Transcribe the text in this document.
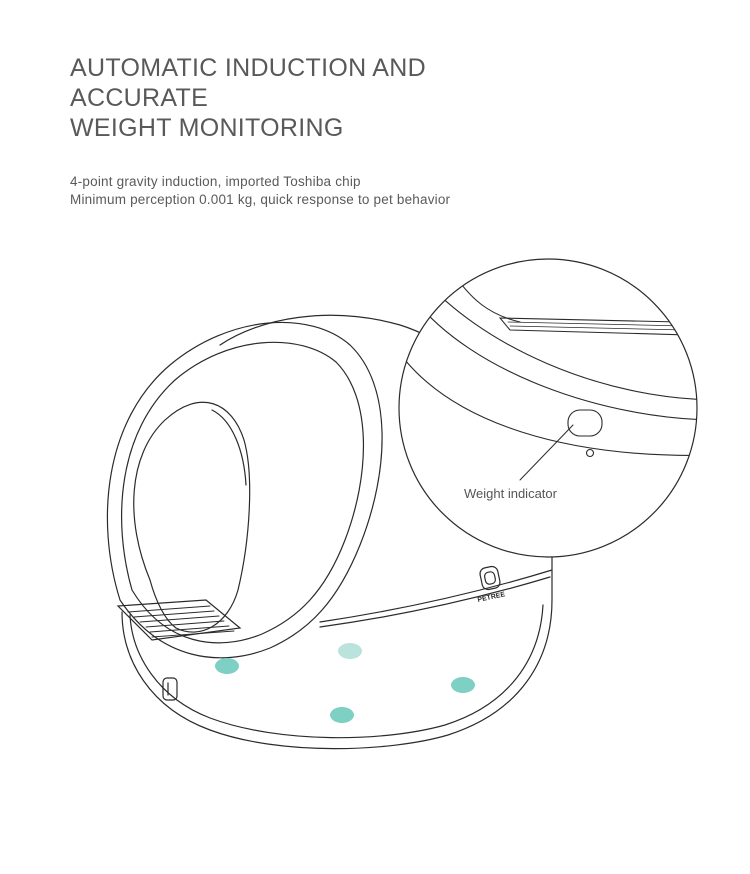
AUTOMATIC INDUCTION AND
ACCURATE
WEIGHT MONITORING
4-point gravity induction, imported Toshiba chip
Minimum perception 0.001 kg, quick response to pet behavior
PETREE
Weight indicator
